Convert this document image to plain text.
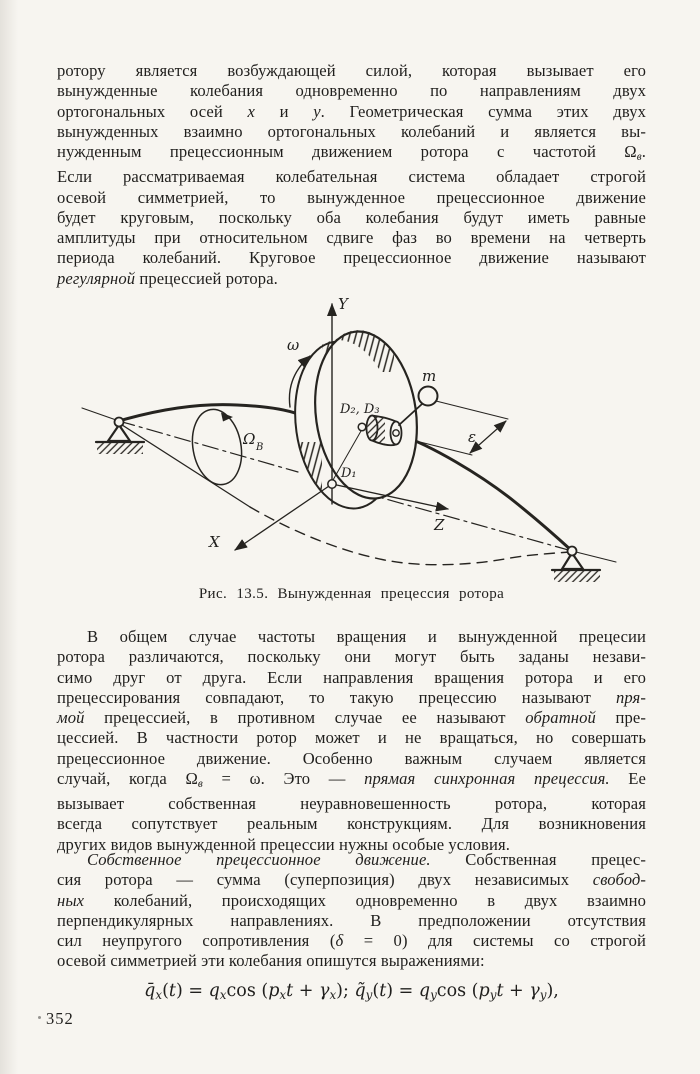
ротору является возбуждающей силой, которая вызывает его
вынужденные колебания одновременно по направлениям двух
ортогональных осей x и y. Геометрическая сумма этих двух
вынужденных взаимно ортогональных колебаний и является вы-
нужденным прецессионным движением ротора с частотой Ωв.
Если рассматриваемая колебательная система обладает строгой
осевой симметрией, то вынужденное прецессионное движение
будет круговым, поскольку оба колебания будут иметь равные
амплитуды при относительном сдвиге фаз во времени на четверть
периода колебаний. Круговое прецессионное движение называют
регулярной прецессией ротора.
Y
X
Z
ω
Ω B
m
D₂, D₃
D₁
ε
Рис. 13.5. Вынужденная прецессия ротора
В общем случае частоты вращения и вынужденной прецесии
ротора различаются, поскольку они могут быть заданы незави-
симо друг от друга. Если направления вращения ротора и его
прецессирования совпадают, то такую прецессию называют пря-
мой прецессией, в противном случае ее называют обратной пре-
цессией. В частности ротор может и не вращаться, но совершать
прецессионное движение. Особенно важным случаем является
случай, когда Ωв = ω. Это — прямая синхронная прецессия. Ее
вызывает собственная неуравновешенность ротора, которая
всегда сопутствует реальным конструкциям. Для возникновения
других видов вынужденной прецессии нужны особые условия.
Собственное прецессионное движение. Собственная прецес-
сия ротора — сумма (суперпозиция) двух независимых свобод-
ных колебаний, происходящих одновременно в двух взаимно
перпендикулярных направлениях. В предположении отсутствия
сил неупругого сопротивления (δ = 0) для системы со строгой
осевой симметрией эти колебания опишутся выражениями:
q̄x(t) = qxcos (pxt + γx); q̃y(t) = qycos (pyt + γy),
352
